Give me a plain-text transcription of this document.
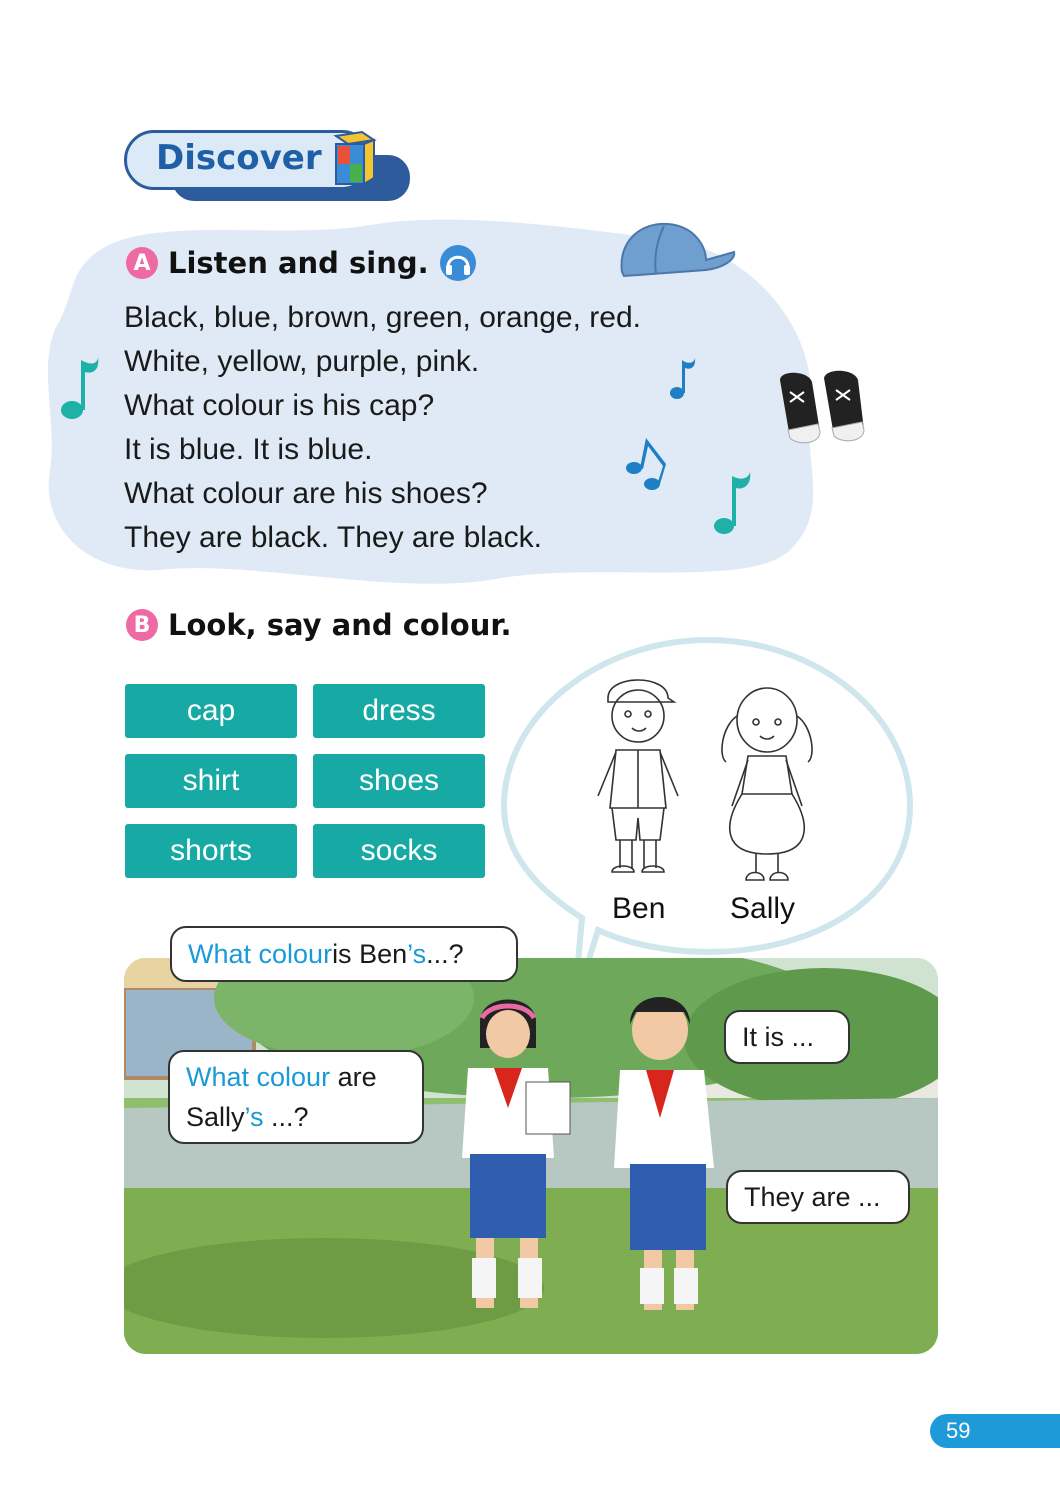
Discover
A Listen and sing.
Black, blue, brown, green, orange, red.
White, yellow, purple, pink.
What colour is his cap?
It is blue. It is blue.
What colour are his shoes?
They are black. They are black.
B Look, say and colour.
cap	dress
shirt	shoes
shorts	socks
Ben Sally
What colour is Ben ’s ...?
What colour are
Sally’s ...?
It is ...
They are ...
59
